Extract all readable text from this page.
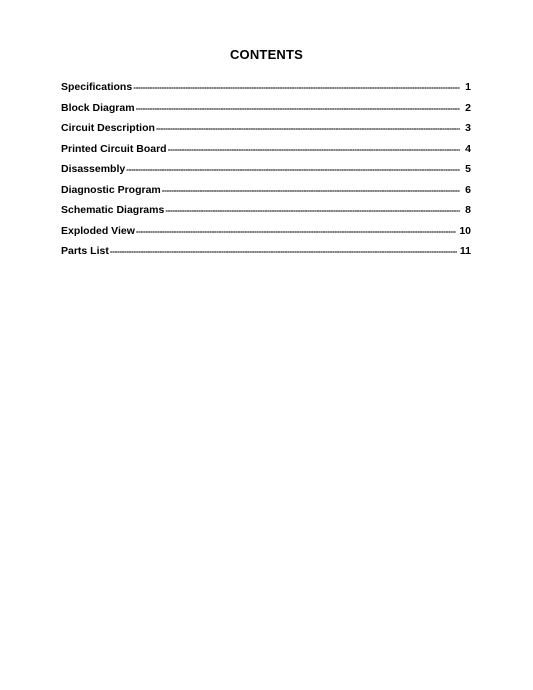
CONTENTS
Specifications -----	1
Block Diagram -----	2
Circuit Description -----	3
Printed Circuit Board -----	4
Disassembly -----	5
Diagnostic Program -----	6
Schematic Diagrams -----	8
Exploded View -----	10
Parts List -----	11
